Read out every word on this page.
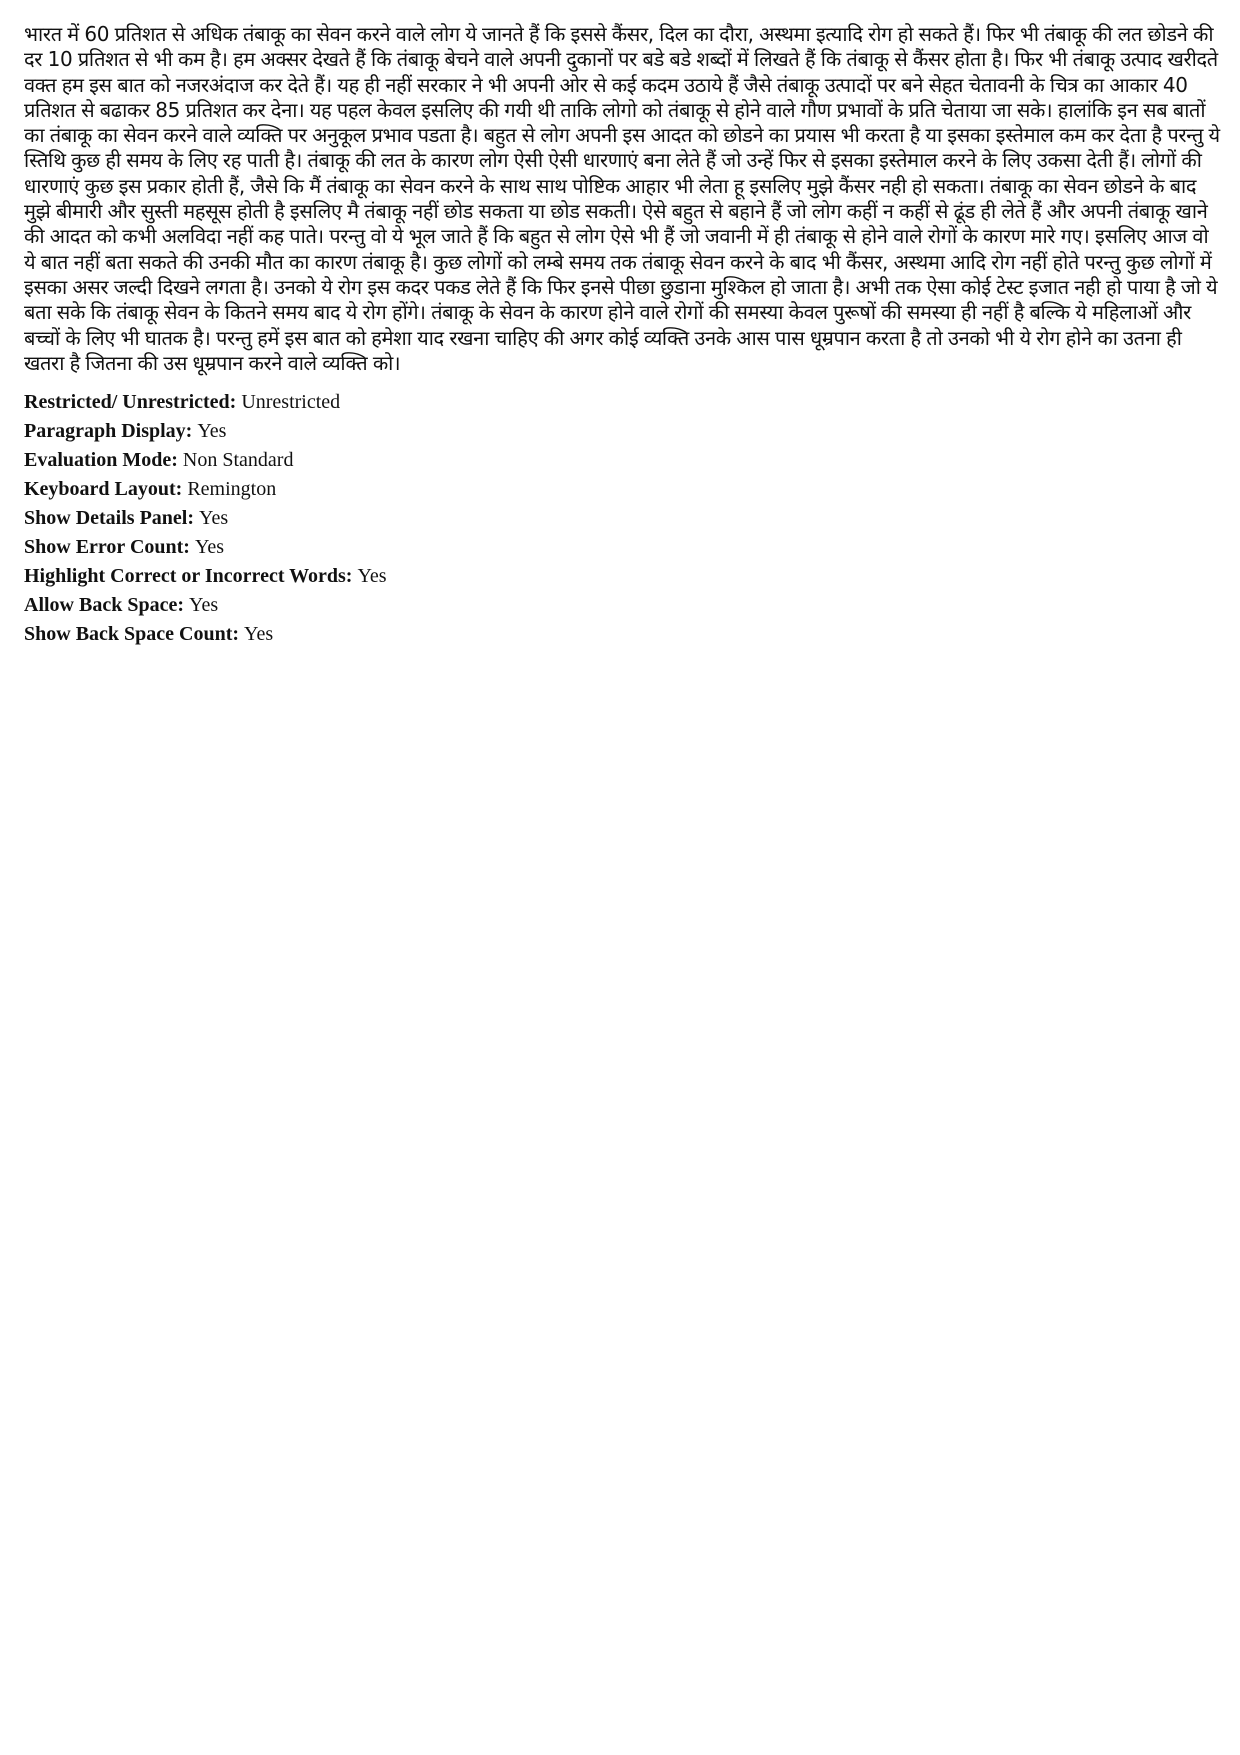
भारत में 60 प्रतिशत से अधिक तंबाकू का सेवन करने वाले लोग ये जानते हैं कि इससे कैंसर, दिल का दौरा, अस्थमा इत्यादि रोग हो सकते हैं। फिर भी तंबाकू की लत छोडने की दर 10 प्रतिशत से भी कम है। हम अक्सर देखते हैं कि तंबाकू बेचने वाले अपनी दुकानों पर बडे बडे शब्दों में लिखते हैं कि तंबाकू से कैंसर होता है। फिर भी तंबाकू उत्पाद खरीदते वक्त हम इस बात को नजरअंदाज कर देते हैं। यह ही नहीं सरकार ने भी अपनी ओर से कई कदम उठाये हैं जैसे तंबाकू उत्पादों पर बने सेहत चेतावनी के चित्र का आकार 40 प्रतिशत से बढाकर 85 प्रतिशत कर देना। यह पहल केवल इसलिए की गयी थी ताकि लोगो को तंबाकू से होने वाले गौण प्रभावों के प्रति चेताया जा सके। हालांकि इन सब बातों का तंबाकू का सेवन करने वाले व्यक्ति पर अनुकूल प्रभाव पडता है। बहुत से लोग अपनी इस आदत को छोडने का प्रयास भी करता है या इसका इस्तेमाल कम कर देता है परन्तु ये स्तिथि कुछ ही समय के लिए रह पाती है। तंबाकू की लत के कारण लोग ऐसी ऐसी धारणाएं बना लेते हैं जो उन्हें फिर से इसका इस्तेमाल करने के लिए उकसा देती हैं। लोगों की धारणाएं कुछ इस प्रकार होती हैं, जैसे कि मैं तंबाकू का सेवन करने के साथ साथ पोष्टिक आहार भी लेता हू इसलिए मुझे कैंसर नही हो सकता। तंबाकू का सेवन छोडने के बाद मुझे बीमारी और सुस्ती महसूस होती है इसलिए मै तंबाकू नहीं छोड सकता या छोड सकती। ऐसे बहुत से बहाने हैं जो लोग कहीं न कहीं से ढूंड ही लेते हैं और अपनी तंबाकू खाने की आदत को कभी अलविदा नहीं कह पाते। परन्तु वो ये भूल जाते हैं कि बहुत से लोग ऐसे भी हैं जो जवानी में ही तंबाकू से होने वाले रोगों के कारण मारे गए। इसलिए आज वो ये बात नहीं बता सकते की उनकी मौत का कारण तंबाकू है। कुछ लोगों को लम्बे समय तक तंबाकू सेवन करने के बाद भी कैंसर, अस्थमा आदि रोग नहीं होते परन्तु कुछ लोगों में इसका असर जल्दी दिखने लगता है। उनको ये रोग इस कदर पकड लेते हैं कि फिर इनसे पीछा छुडाना मुश्किल हो जाता है। अभी तक ऐसा कोई टेस्ट इजात नही हो पाया है जो ये बता सके कि तंबाकू सेवन के कितने समय बाद ये रोग होंगे। तंबाकू के सेवन के कारण होने वाले रोगों की समस्या केवल पुरूषों की समस्या ही नहीं है बल्कि ये महिलाओं और बच्चों के लिए भी घातक है। परन्तु हमें इस बात को हमेशा याद रखना चाहिए की अगर कोई व्यक्ति उनके आस पास धूम्रपान करता है तो उनको भी ये रोग होने का उतना ही खतरा है जितना की उस धूम्रपान करने वाले व्यक्ति को।

Restricted/ Unrestricted: Unrestricted
Paragraph Display: Yes
Evaluation Mode: Non Standard
Keyboard Layout: Remington
Show Details Panel: Yes
Show Error Count: Yes
Highlight Correct or Incorrect Words: Yes
Allow Back Space: Yes
Show Back Space Count: Yes
